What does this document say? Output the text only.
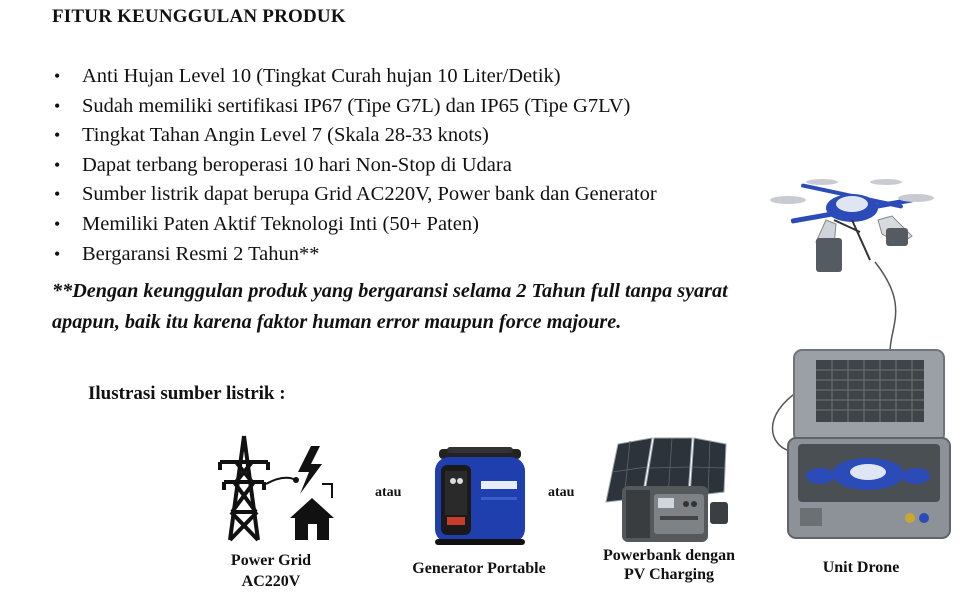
FITUR KEUNGGULAN PRODUK
• Anti Hujan Level 10 (Tingkat Curah hujan 10 Liter/Detik)
• Sudah memiliki sertifikasi IP67 (Tipe G7L) dan IP65 (Tipe G7LV)
• Tingkat Tahan Angin Level 7 (Skala 28-33 knots)
• Dapat terbang beroperasi 10 hari Non-Stop di Udara
• Sumber listrik dapat berupa Grid AC220V, Power bank dan Generator
• Memiliki Paten Aktif Teknologi Inti (50+ Paten)
• Bergaransi Resmi 2 Tahun**
**Dengan keunggulan produk yang bergaransi selama 2 Tahun full tanpa syarat apapun, baik itu karena faktor human error maupun force majoure.
Ilustrasi sumber listrik :
Power Grid
AC220V
atau
Generator Portable
atau
Powerbank dengan
PV Charging	Unit Drone
